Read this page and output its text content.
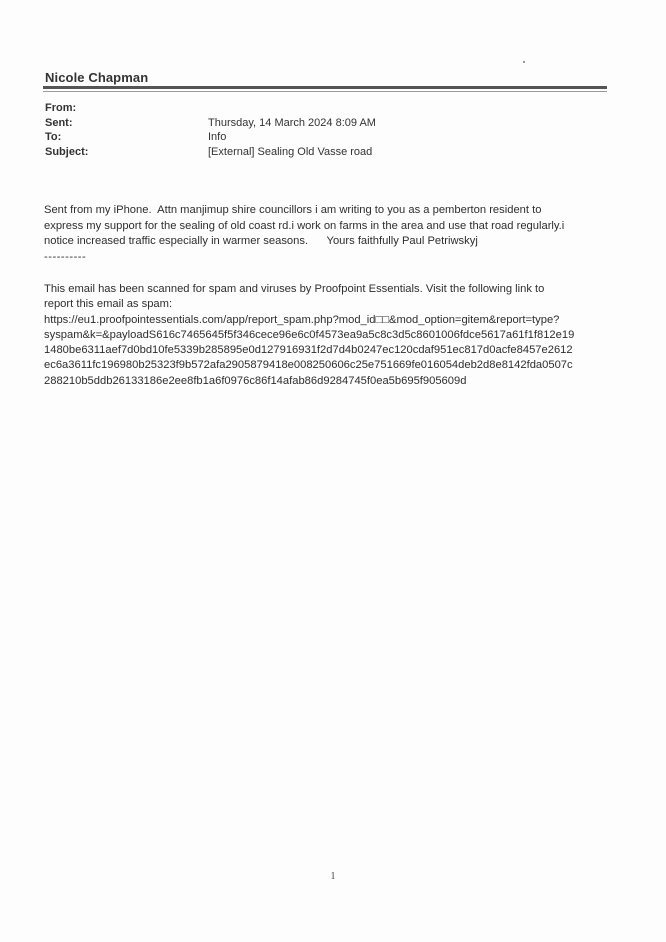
Nicole Chapman
From:
Sent:	Thursday, 14 March 2024 8:09 AM
To:	Info
Subject:	[External] Sealing Old Vasse road

Sent from my iPhone.  Attn manjimup shire councillors i am writing to you as a pemberton resident to

express my support for the sealing of old coast rd.i work on farms in the area and use that road regularly.i

notice increased traffic especially in warmer seasons.      Yours faithfully Paul Petriwskyj

----------

This email has been scanned for spam and viruses by Proofpoint Essentials. Visit the following link to

report this email as spam:

https://eu1.proofpointessentials.com/app/report_spam.php?mod_id□□&mod_option=gitem&report=type?

syspam&k=&payloadS616c7465645f5f346cece96e6c0f4573ea9a5c8c3d5c8601006fdce5617a61f1f812e19

1480be6311aef7d0bd10fe5339b285895e0d127916931f2d7d4b0247ec120cdaf951ec817d0acfe8457e2612

ec6a3611fc196980b25323f9b572afa2905879418e008250606c25e751669fe016054deb2d8e8142fda0507c

288210b5ddb26133186e2ee8fb1a6f0976c86f14afab86d9284745f0ea5b695f905609d

1
